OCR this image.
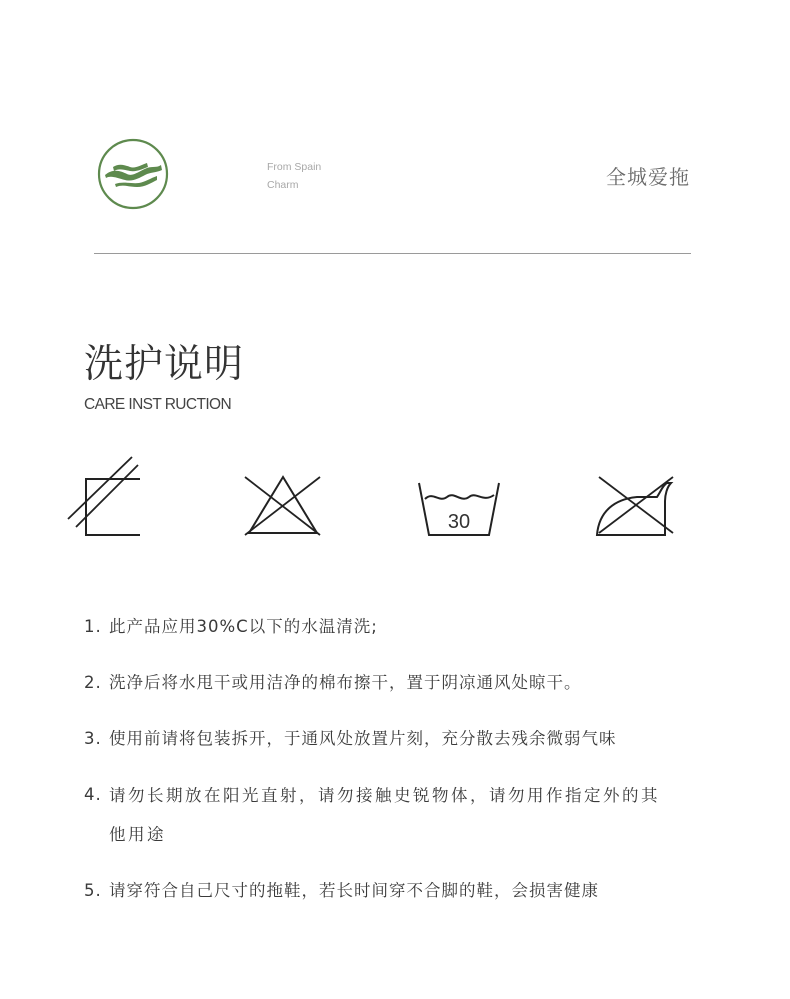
From Spain
Charm	全城爱拖
洗护说明
CARE INST RUCTION
30
1. 此产品应用30%C以下的水温清洗;
2. 洗净后将水甩干或用洁净的棉布擦干，置于阴凉通风处晾干。
3. 使用前请将包装拆开，于通风处放置片刻，充分散去残余微弱气味
4. 请勿长期放在阳光直射，请勿接触史锐物体，请勿用作指定外的其他用途
5. 请穿符合自己尺寸的拖鞋，若长时间穿不合脚的鞋，会损害健康
